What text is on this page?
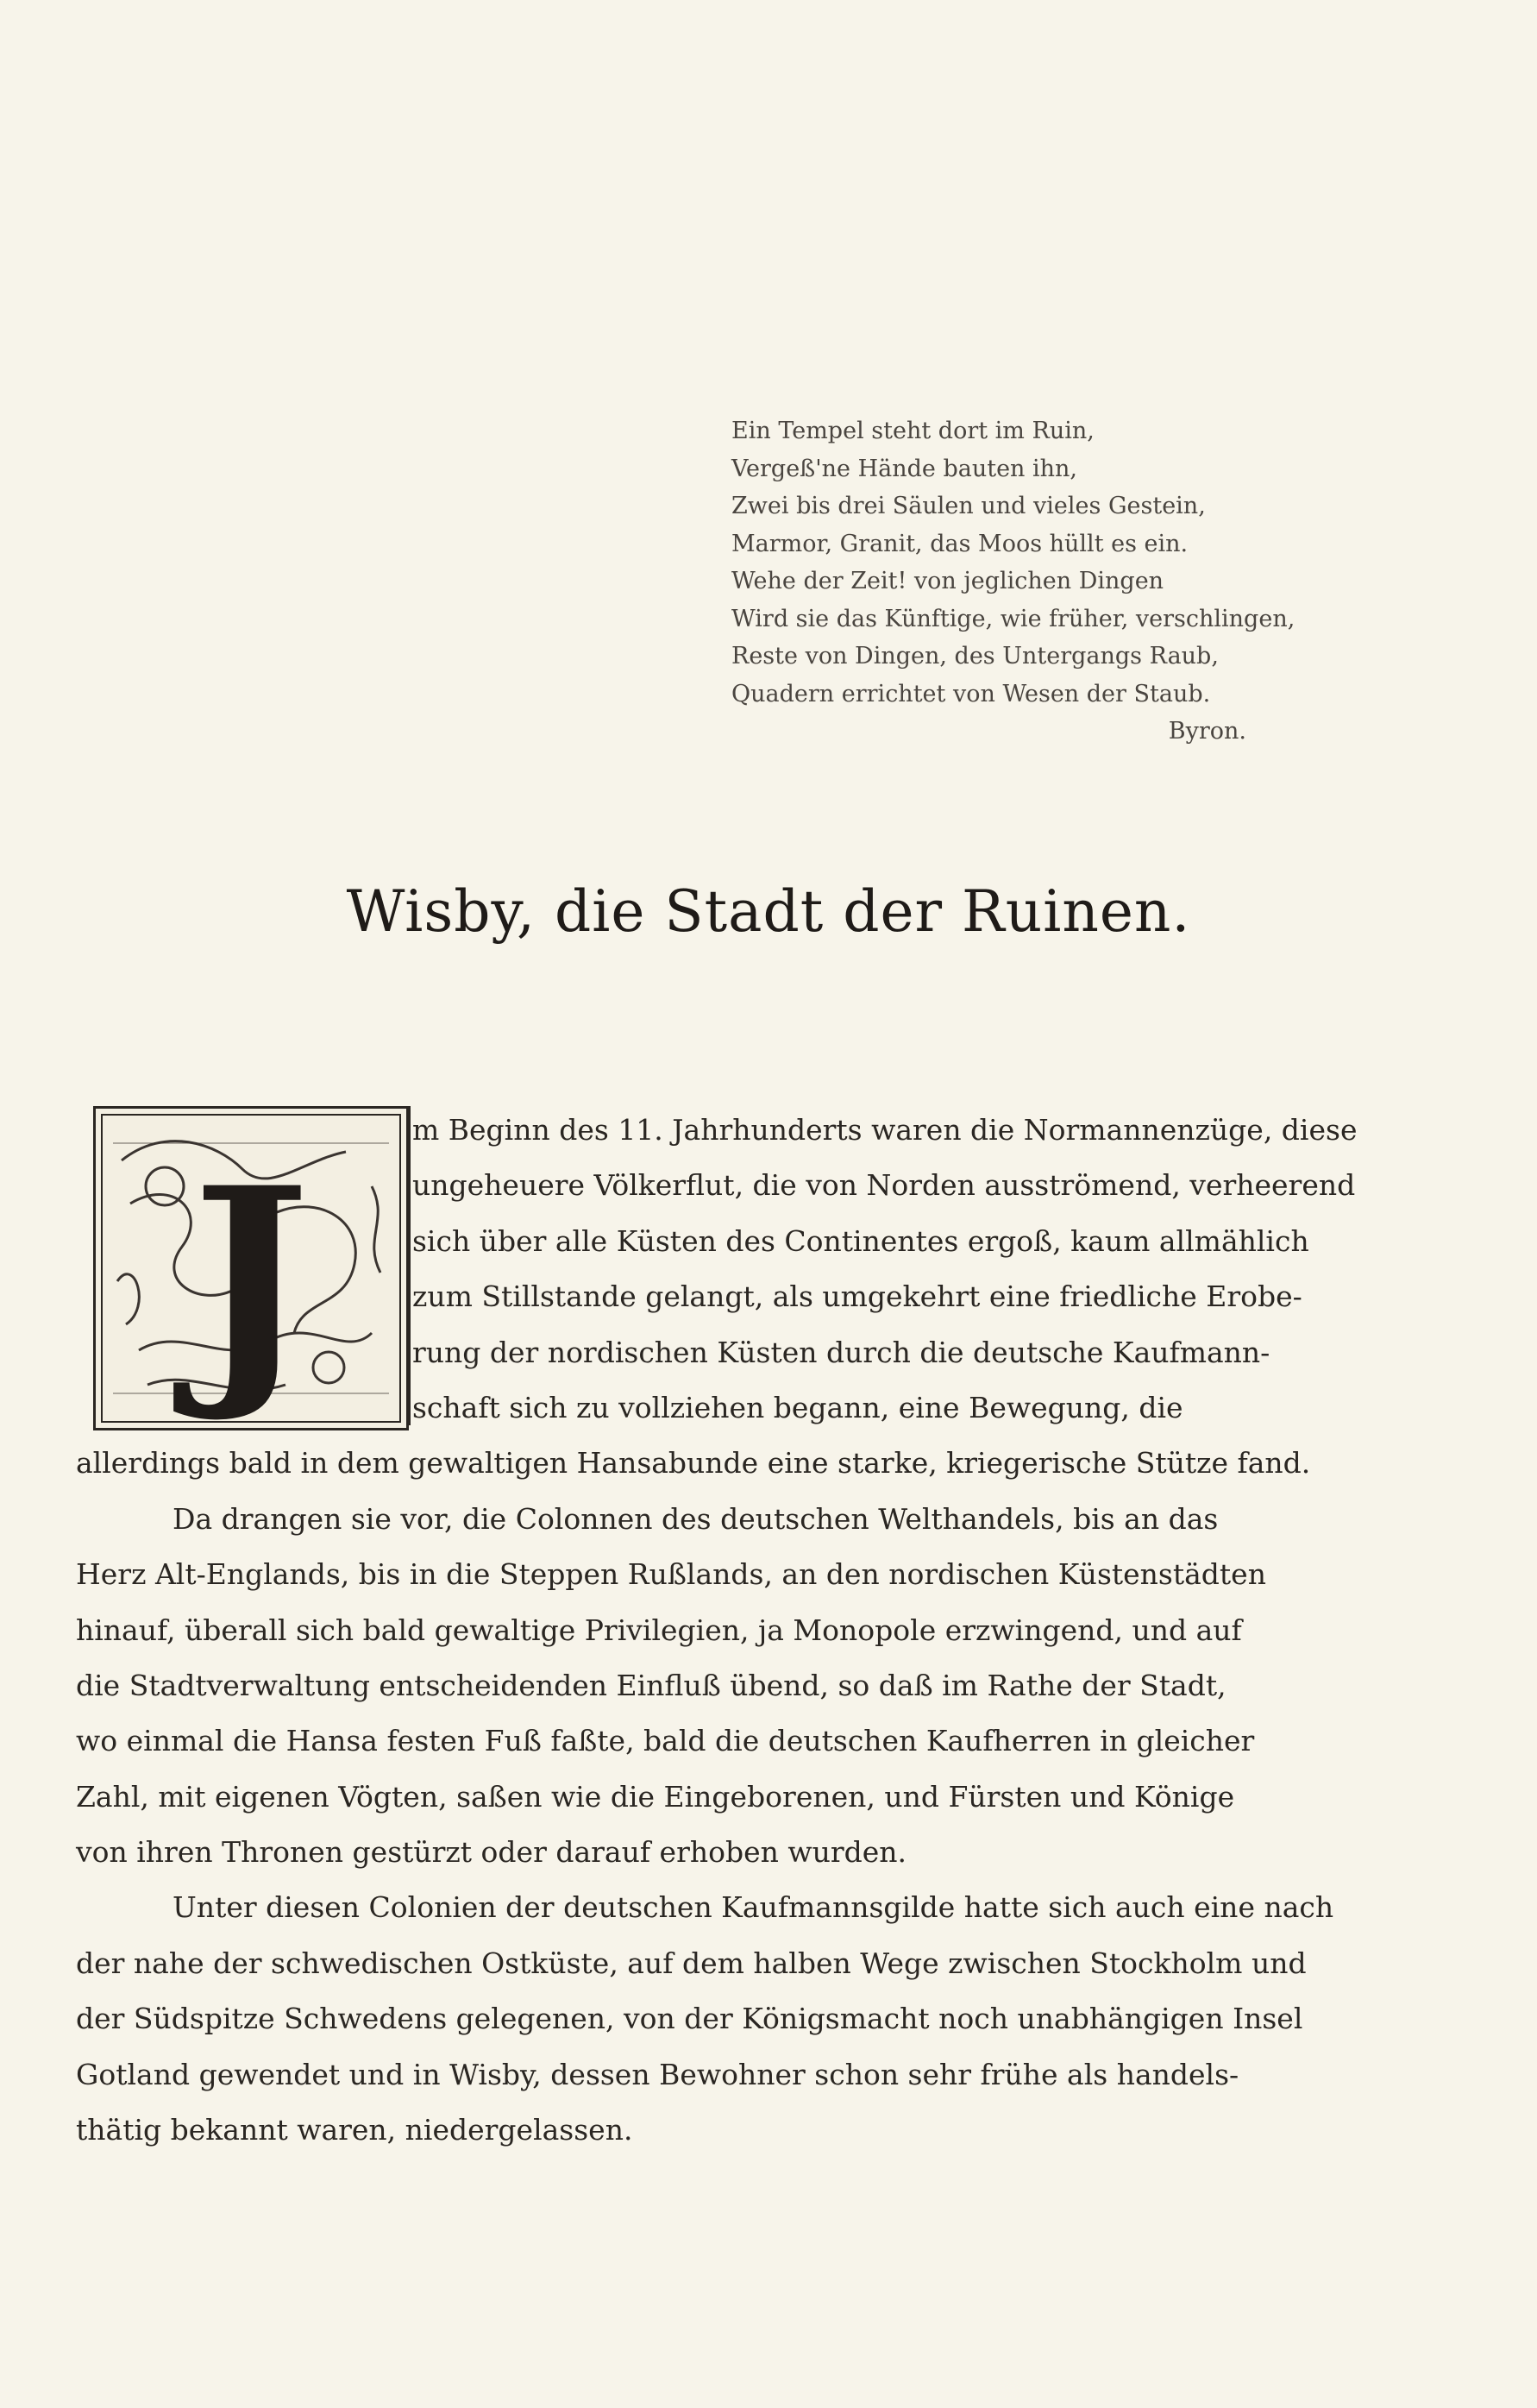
Ein Tempel steht dort im Ruin,
Vergeß'ne Hände bauten ihn,
Zwei bis drei Säulen und vieles Gestein,
Marmor, Granit, das Moos hüllt es ein.
Wehe der Zeit! von jeglichen Dingen
Wird sie das Künftige, wie früher, verschlingen,
Reste von Dingen, des Untergangs Raub,
Quadern errichtet von Wesen der Staub.
Byron.
Wisby, die Stadt der Ruinen.
J
m Beginn des 11. Jahrhunderts waren die Normannenzüge, diese
ungeheuere Völkerflut, die von Norden ausströmend, verheerend
sich über alle Küsten des Continentes ergoß, kaum allmählich
zum Stillstande gelangt, als umgekehrt eine friedliche Erobe-
rung der nordischen Küsten durch die deutsche Kaufmann-
schaft sich zu vollziehen begann, eine Bewegung, die
allerdings bald in dem gewaltigen Hansabunde eine starke, kriegerische Stütze fand.
Da drangen sie vor, die Colonnen des deutschen Welthandels, bis an das
Herz Alt-Englands, bis in die Steppen Rußlands, an den nordischen Küstenstädten
hinauf, überall sich bald gewaltige Privilegien, ja Monopole erzwingend, und auf
die Stadtverwaltung entscheidenden Einfluß übend, so daß im Rathe der Stadt,
wo einmal die Hansa festen Fuß faßte, bald die deutschen Kaufherren in gleicher
Zahl, mit eigenen Vögten, saßen wie die Eingeborenen, und Fürsten und Könige
von ihren Thronen gestürzt oder darauf erhoben wurden.
Unter diesen Colonien der deutschen Kaufmannsgilde hatte sich auch eine nach
der nahe der schwedischen Ostküste, auf dem halben Wege zwischen Stockholm und
der Südspitze Schwedens gelegenen, von der Königsmacht noch unabhängigen Insel
Gotland gewendet und in Wisby, dessen Bewohner schon sehr frühe als handels-
thätig bekannt waren, niedergelassen.
